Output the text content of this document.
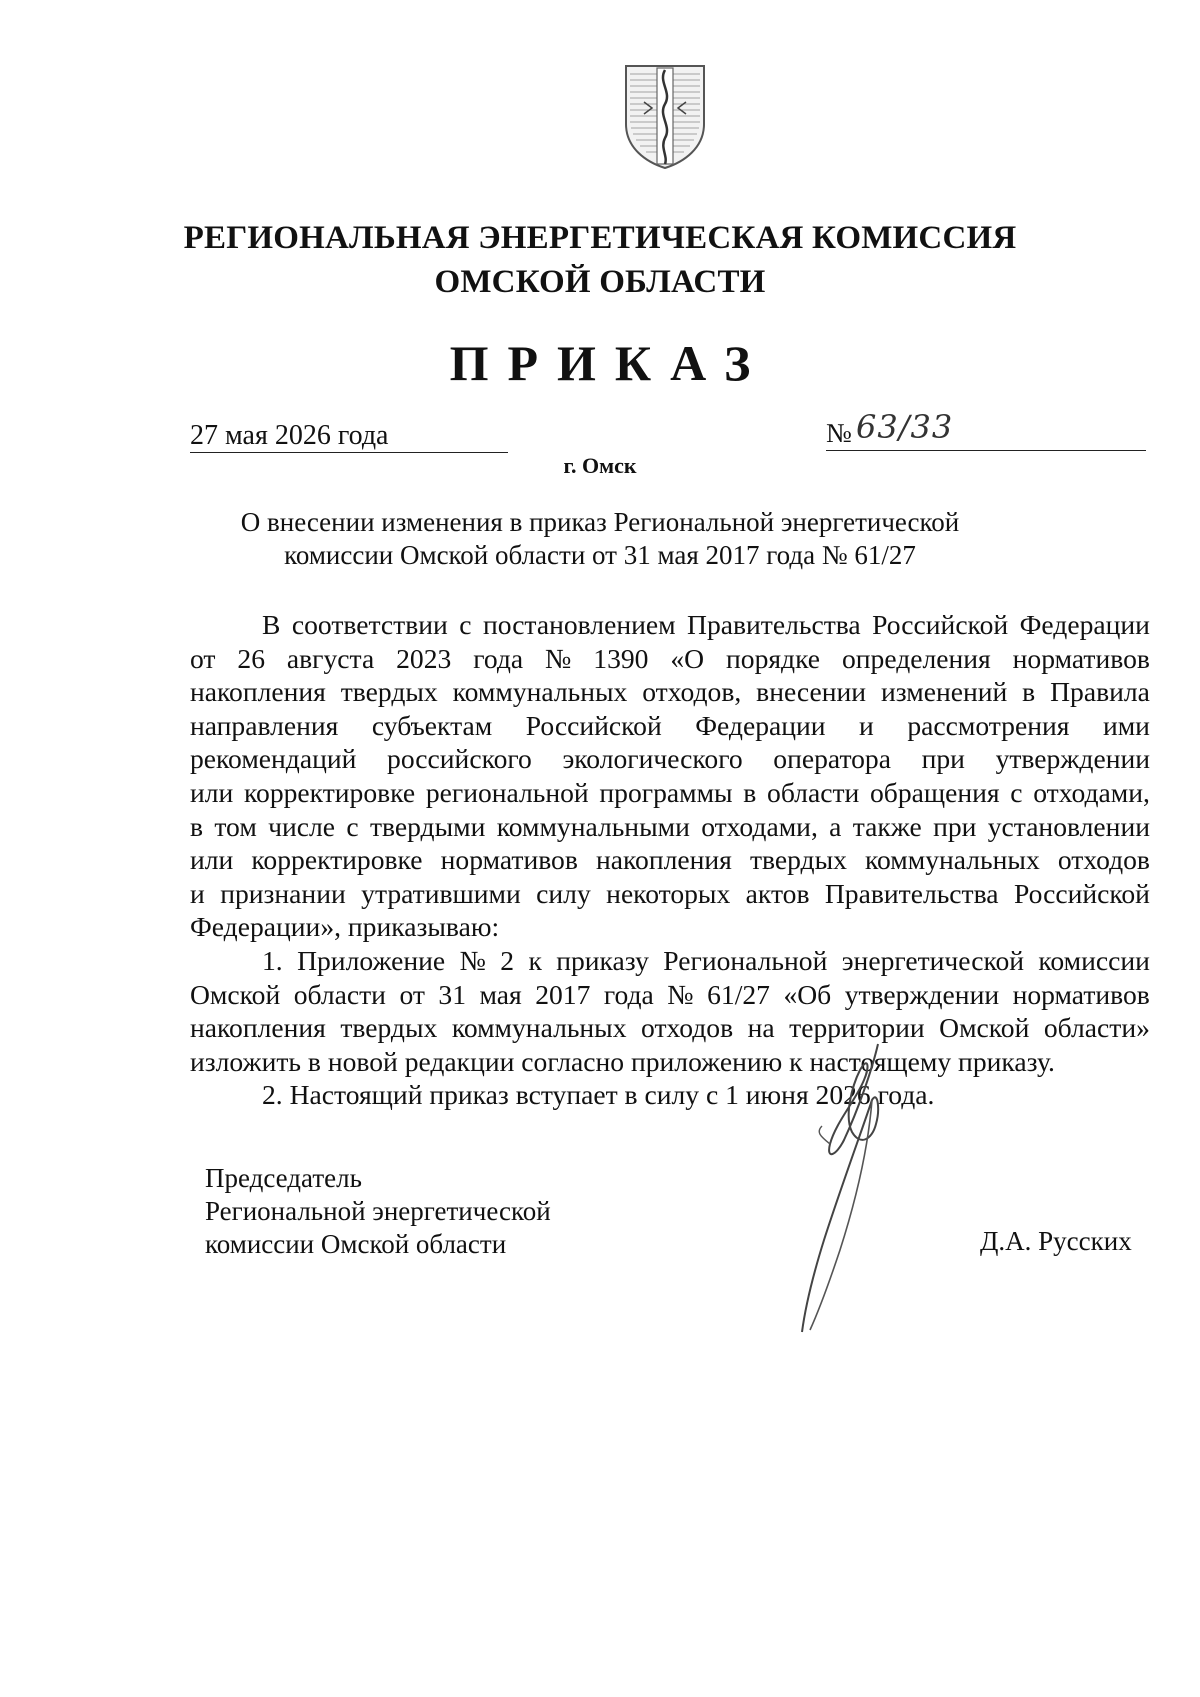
РЕГИОНАЛЬНАЯ ЭНЕРГЕТИЧЕСКАЯ КОМИССИЯ
ОМСКОЙ ОБЛАСТИ
ПРИКАЗ
27 мая 2026 года	№ 63/33
г. Омск
О внесении изменения в приказ Региональной энергетической
комиссии Омской области от 31 мая 2017 года № 61/27
В соответствии с постановлением Правительства Российской Федерации
от 26 августа 2023 года № 1390 «О порядке определения нормативов
накопления твердых коммунальных отходов, внесении изменений в Правила
направления субъектам Российской Федерации и рассмотрения ими
рекомендаций российского экологического оператора при утверждении
или корректировке региональной программы в области обращения с отходами,
в том числе с твердыми коммунальными отходами, а также при установлении
или корректировке нормативов накопления твердых коммунальных отходов
и признании утратившими силу некоторых актов Правительства Российской
Федерации», приказываю:
1. Приложение № 2 к приказу Региональной энергетической комиссии
Омской области от 31 мая 2017 года № 61/27 «Об утверждении нормативов
накопления твердых коммунальных отходов на территории Омской области»
изложить в новой редакции согласно приложению к настоящему приказу.
2. Настоящий приказ вступает в силу с 1 июня 2026 года.
Председатель
Региональной энергетической
комиссии Омской области	Д.А. Русских
